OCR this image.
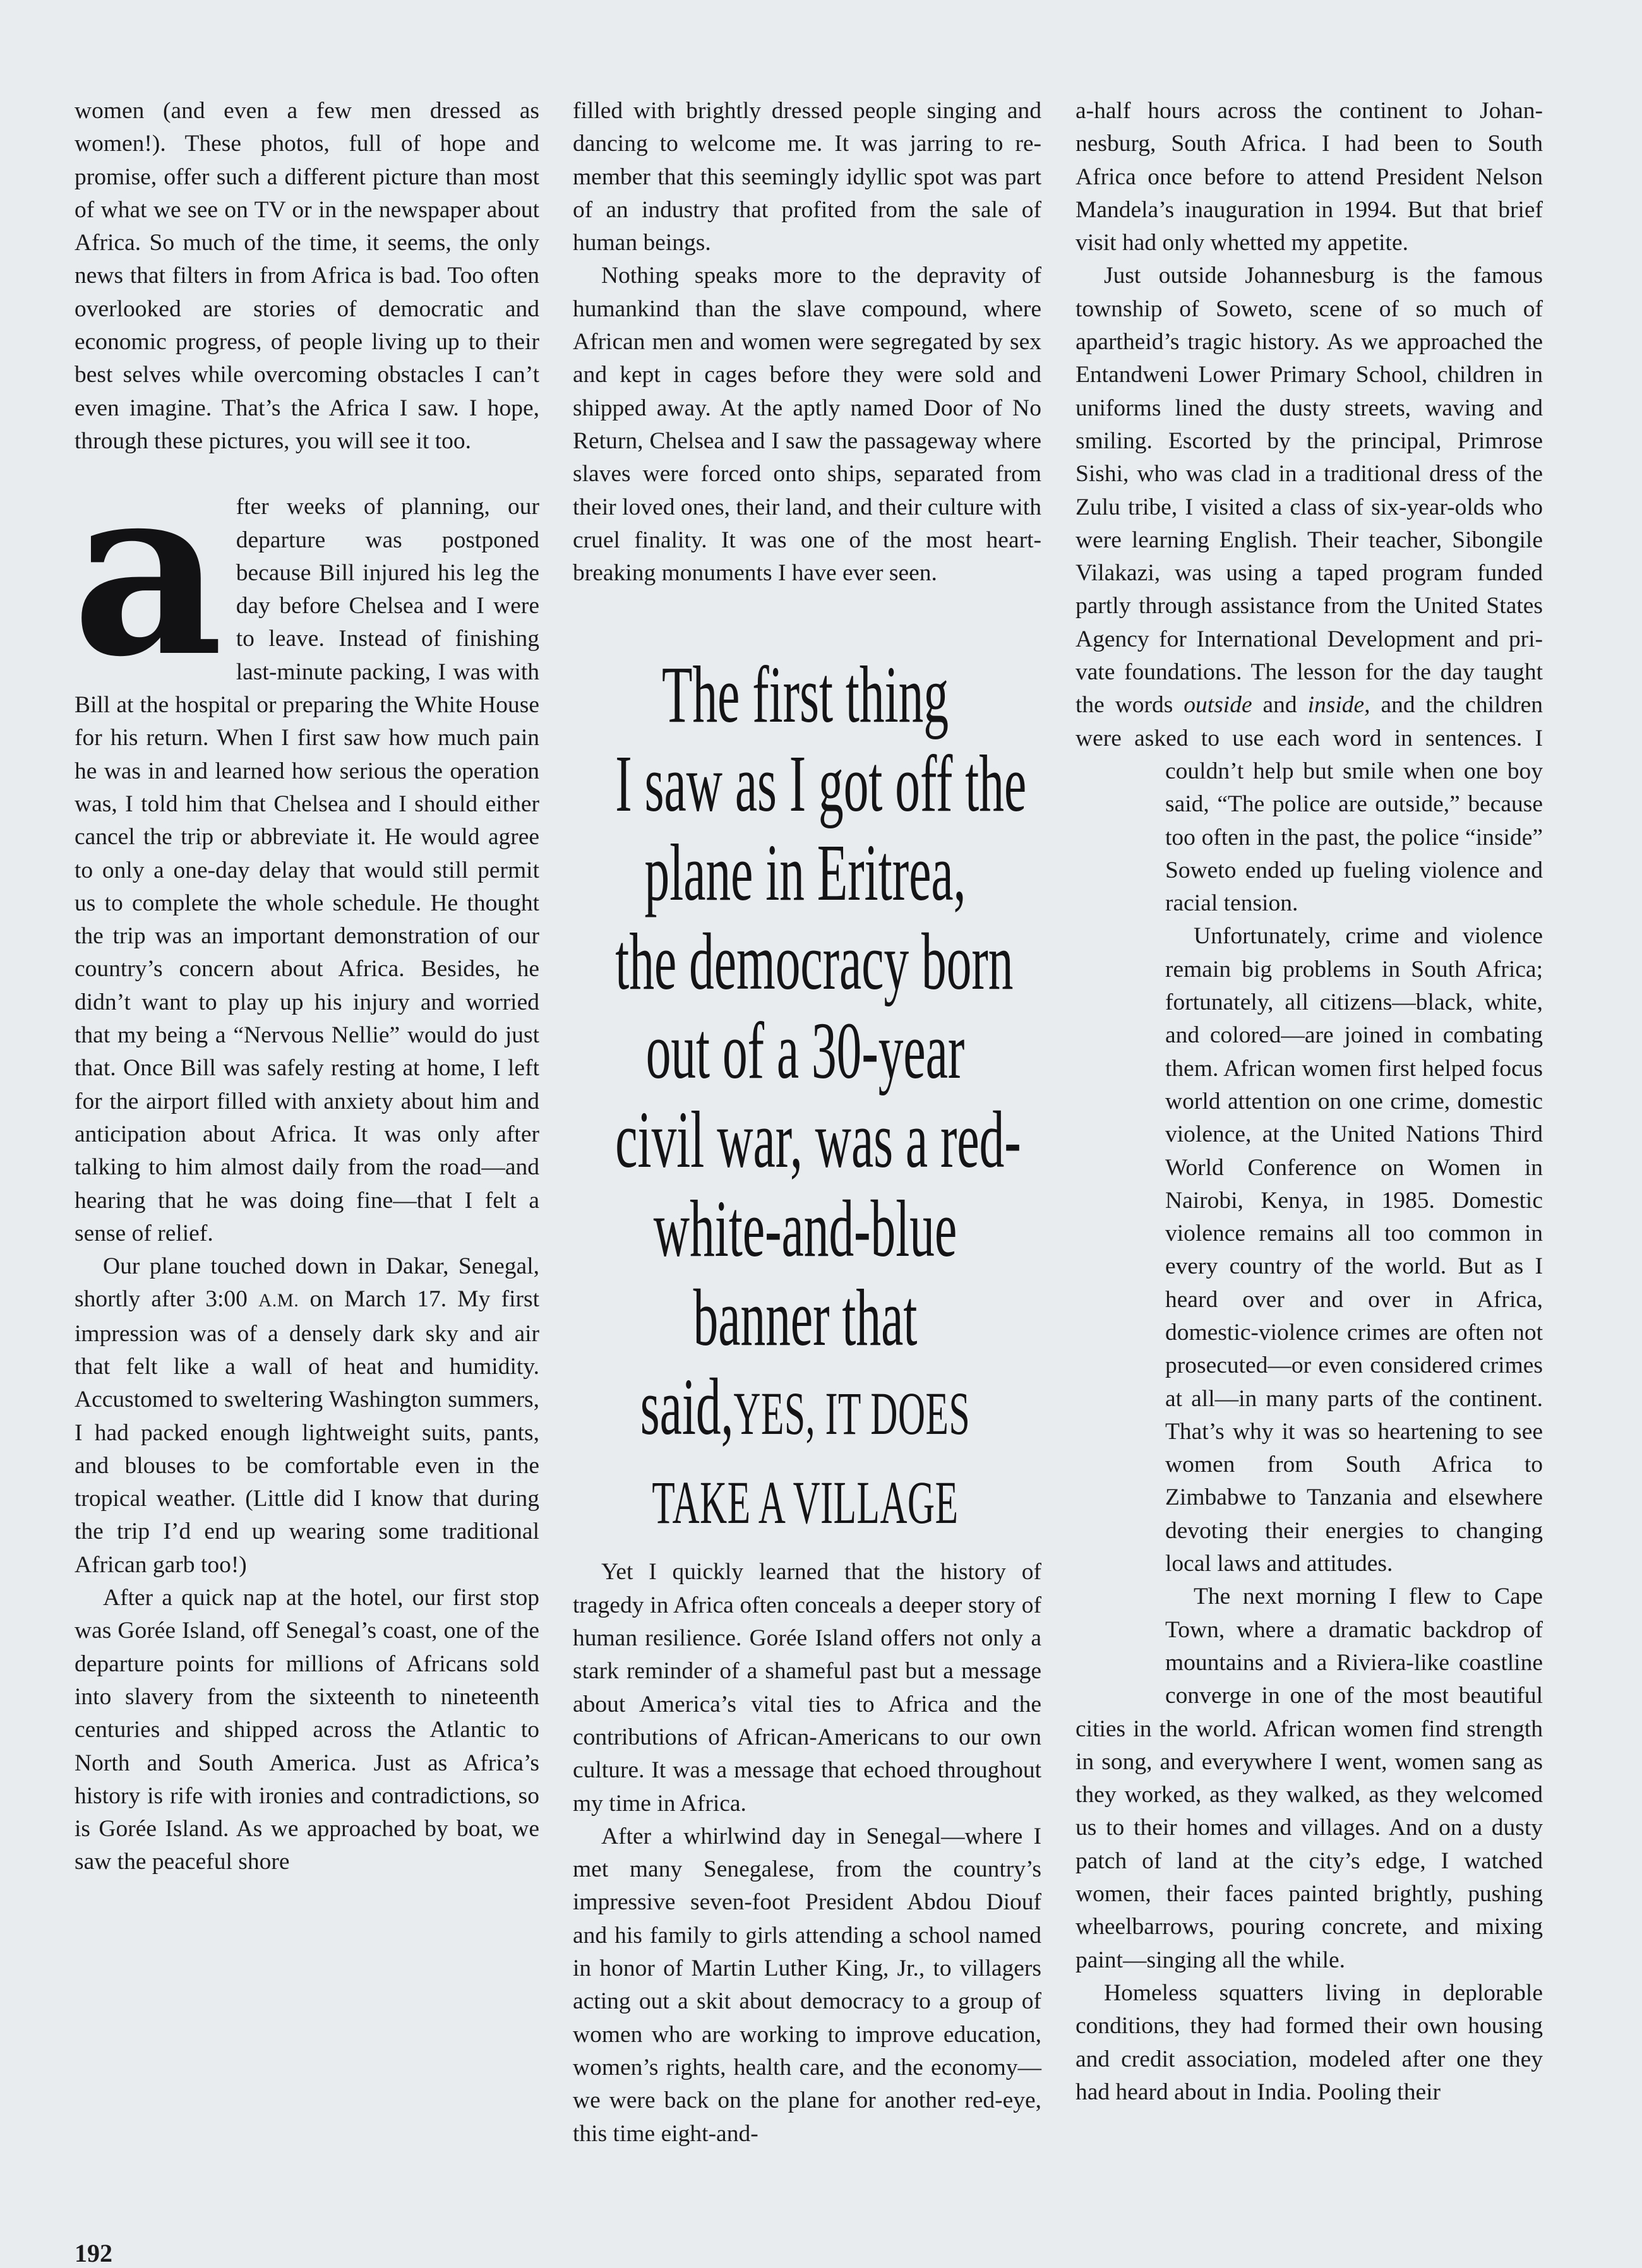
women (and even a few men dressed as women!). These photos, full of hope and promise, offer such a different picture than most of what we see on TV or in the newspaper about Africa. So much of the time, it seems, the only news that filters in from Africa is bad. Too often overlooked are stories of democratic and economic progress, of people living up to their best selves while overcoming obstacles I can’t even imagine. That’s the Africa I saw. I hope, through these pictures, you will see it too.

after weeks of planning, our departure was postponed because Bill injured his leg the day before Chelsea and I were to leave. Instead of finishing last-minute packing, I was with Bill at the hospital or preparing the White House for his return. When I first saw how much pain he was in and learned how serious the operation was, I told him that Chelsea and I should either cancel the trip or abbreviate it. He would agree to only a one-day delay that would still permit us to complete the whole schedule. He thought the trip was an important demonstration of our country’s concern about Africa. Besides, he didn’t want to play up his injury and worried that my being a “Nervous Nellie” would do just that. Once Bill was safely resting at home, I left for the airport filled with anxiety about him and anticipation about Africa. It was only after talking to him almost daily from the road—and hearing that he was doing fine—that I felt a sense of relief.

Our plane touched down in Dakar, Senegal, shortly after 3:00 A.M. on March 17. My first impression was of a densely dark sky and air that felt like a wall of heat and humidity. Accustomed to sweltering Washington summers, I had packed enough lightweight suits, pants, and blouses to be comfortable even in the tropical weather. (Little did I know that during the trip I’d end up wearing some traditional African garb too!)

After a quick nap at the hotel, our first stop was Gorée Island, off Senegal’s coast, one of the departure points for millions of Africans sold into slavery from the sixteenth to nineteenth centuries and shipped across the Atlantic to North and South America. Just as Africa’s history is rife with ironies and contradictions, so is Gorée Island. As we approached by boat, we saw the peaceful shore

filled with brightly dressed people singing and dancing to welcome me. It was jarring to remember that this seemingly idyllic spot was part of an industry that profited from the sale of human beings.

Nothing speaks more to the depravity of humankind than the slave compound, where African men and women were segregated by sex and kept in cages before they were sold and shipped away. At the aptly named Door of No Return, Chelsea and I saw the passageway where slaves were forced onto ships, separated from their loved ones, their land, and their culture with cruel finality. It was one of the most heartbreaking monuments I have ever seen.

Yet I quickly learned that the history of tragedy in Africa often conceals a deeper story of human resilience. Gorée Island offers not only a stark reminder of a shameful past but a message about America’s vital ties to Africa and the contributions of African-Americans to our own culture. It was a message that echoed throughout my time in Africa.

After a whirlwind day in Senegal—where I met many Senegalese, from the country’s impressive seven-foot President Abdou Diouf and his family to girls attending a school named in honor of Martin Luther King, Jr., to villagers acting out a skit about democracy to a group of women who are working to improve education, women’s rights, health care, and the economy—we were back on the plane for another red-eye, this time eight-and-

The first thing
I saw as I got off the
plane in Eritrea,
the democracy born
out of a 30-year
civil war, was a red-
white-and-blue
banner that
said,YES, IT DOES
TAKE A VILLAGE

a-half hours across the continent to Johannesburg, South Africa. I had been to South Africa once before to attend President Nelson Mandela’s inauguration in 1994. But that brief visit had only whetted my appetite.

Just outside Johannesburg is the famous township of Soweto, scene of so much of apartheid’s tragic history. As we approached the Entandweni Lower Primary School, children in uniforms lined the dusty streets, waving and smiling. Escorted by the principal, Primrose Sishi, who was clad in a traditional dress of the Zulu tribe, I visited a class of six-year-olds who were learning English. Their teacher, Sibongile Vilakazi, was using a taped program funded partly through assistance from the United States Agency for International Development and private foundations. The lesson for the day taught the words outside and inside, and the children were asked to use each word in sentences. I couldn’t help but smile when one boy said, “The police are outside,” because too often in the past, the police “inside” Soweto ended up fueling violence and racial tension.

Unfortunately, crime and violence remain big problems in South Africa; fortunately, all citizens—black, white, and colored—are joined in combating them. African women first helped focus world attention on one crime, domestic violence, at the United Nations Third World Conference on Women in Nairobi, Kenya, in 1985. Domestic violence remains all too common in every country of the world. But as I heard over and over in Africa, domestic-violence crimes are often not prosecuted—or even considered crimes at all—in many parts of the continent. That’s why it was so heartening to see women from South Africa to Zimbabwe to Tanzania and elsewhere devoting their energies to changing local laws and attitudes.

The next morning I flew to Cape Town, where a dramatic backdrop of mountains and a Riviera-like coastline converge in one of the most beautiful cities in the world. African women find strength in song, and everywhere I went, women sang as they worked, as they walked, as they welcomed us to their homes and villages. And on a dusty patch of land at the city’s edge, I watched women, their faces painted brightly, pushing wheelbarrows, pouring concrete, and mixing paint—singing all the while.

Homeless squatters living in deplorable conditions, they had formed their own housing and credit association, modeled after one they had heard about in India. Pooling their

192
